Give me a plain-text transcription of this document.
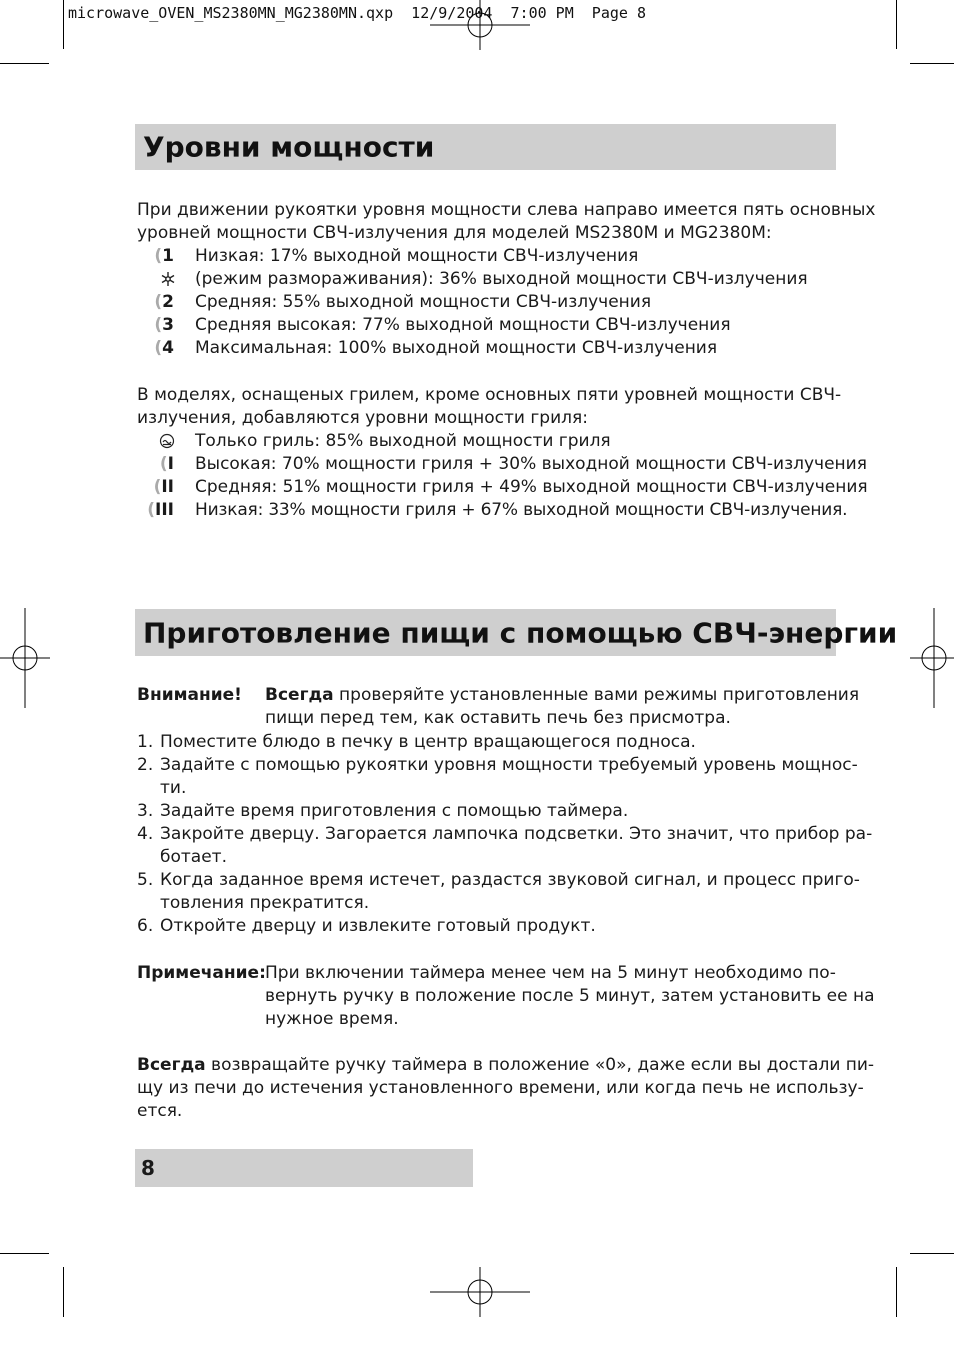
microwave_OVEN_MS2380MN_MG2380MN.qxp  12/9/2004  7:00 PM  Page 8
Уровни мощности
При движении рукоятки уровня мощности слева направо имеется пять основных
уровней мощности СВЧ-излучения для моделей MS2380M и MG2380M:
(1 Низкая: 17% выходной мощности СВЧ-излучения
(режим размораживания): 36% выходной мощности СВЧ-излучения
(2 Средняя: 55% выходной мощности СВЧ-излучения
(3 Средняя высокая: 77% выходной мощности СВЧ-излучения
(4 Максимальная: 100% выходной мощности СВЧ-излучения
В моделях, оснащеных грилем, кроме основных пяти уровней мощности СВЧ-
излучения, добавляются уровни мощности гриля:
Только гриль: 85% выходной мощности гриля
(I Высокая: 70% мощности гриля + 30% выходной мощности СВЧ-излучения
(II Средняя: 51% мощности гриля + 49% выходной мощности СВЧ-излучения
(III Низкая: 33% мощности гриля + 67% выходной мощности СВЧ-излучения.
Приготовление пищи с помощью СВЧ-энергии
Внимание! Всегда проверяйте установленные вами режимы приготовления
пищи перед тем, как оставить печь без присмотра.
1. Поместите блюдо в печку в центр вращающегося подноса.
2. Задайте с помощью рукоятки уровня мощности требуемый уровень мощнос-
ти.
3. Задайте время приготовления с помощью таймера.
4. Закройте дверцу. Загорается лампочка подсветки. Это значит, что прибор ра-
ботает.
5. Когда заданное время истечет, раздастся звуковой сигнал, и процесс приго-
товления прекратится.
6. Откройте дверцу и извлеките готовый продукт.
Примечание: При включении таймера менее чем на 5 минут необходимо по-
вернуть ручку в положение после 5 минут, затем установить ее на
нужное время.
Всегда возвращайте ручку таймера в положение «0», даже если вы достали пи-
щу из печи до истечения установленного времени, или когда печь не использу-
ется.
8
